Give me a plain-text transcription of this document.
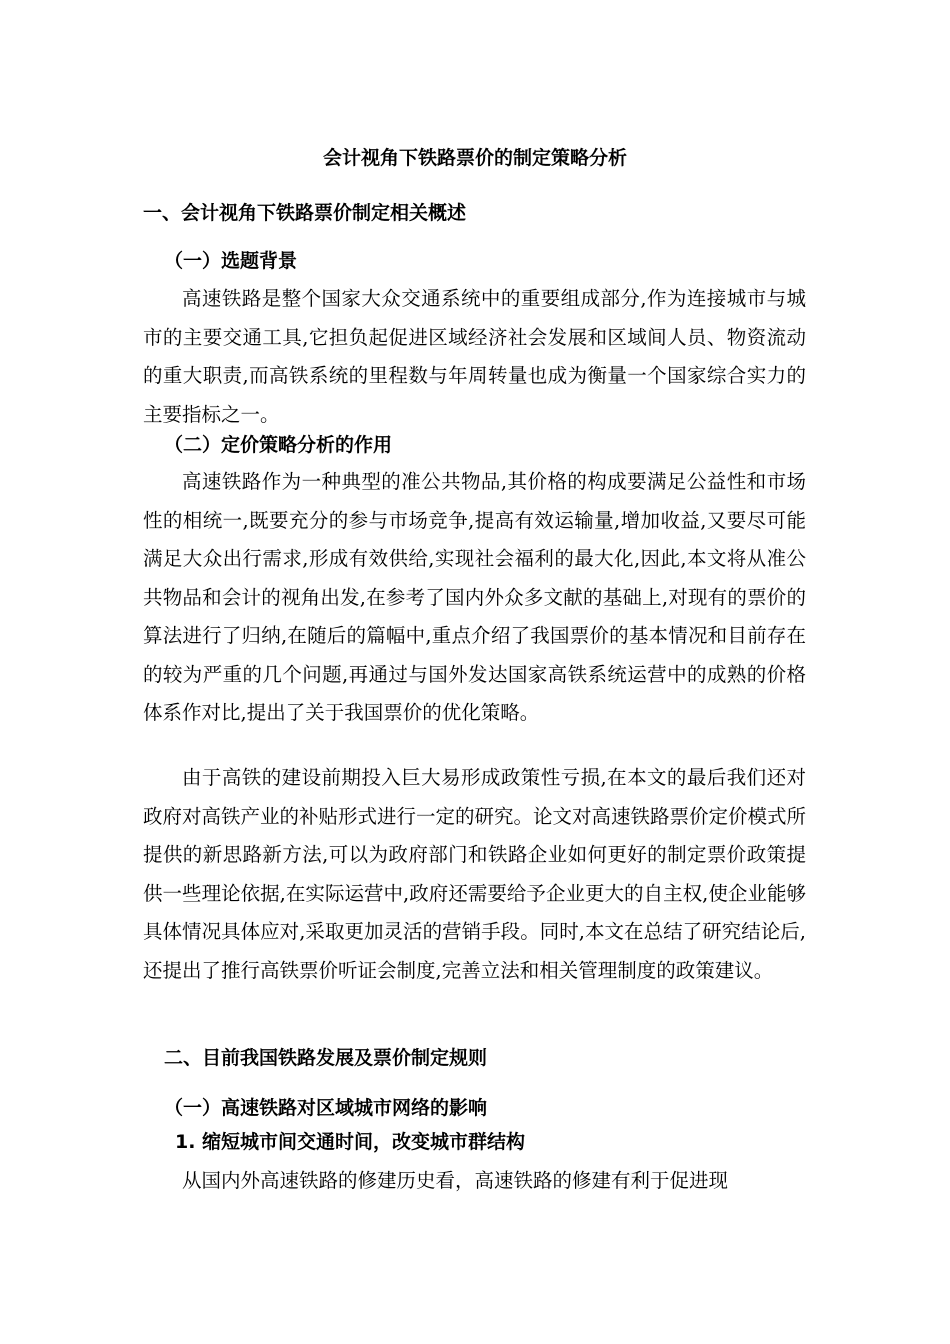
会计视角下铁路票价的制定策略分析
一、会计视角下铁路票价制定相关概述
（一）选题背景

高速铁路是整个国家大众交通系统中的重要组成部分,作为连接城市与城市的主要交通工具,它担负起促进区域经济社会发展和区域间人员、物资流动的重大职责,而高铁系统的里程数与年周转量也成为衡量一个国家综合实力的主要指标之一。

（二）定价策略分析的作用

高速铁路作为一种典型的准公共物品,其价格的构成要满足公益性和市场性的相统一,既要充分的参与市场竞争,提高有效运输量,增加收益,又要尽可能满足大众出行需求,形成有效供给,实现社会福利的最大化,因此,本文将从准公共物品和会计的视角出发,在参考了国内外众多文献的基础上,对现有的票价的算法进行了归纳,在随后的篇幅中,重点介绍了我国票价的基本情况和目前存在的较为严重的几个问题,再通过与国外发达国家高铁系统运营中的成熟的价格体系作对比,提出了关于我国票价的优化策略。

由于高铁的建设前期投入巨大易形成政策性亏损,在本文的最后我们还对政府对高铁产业的补贴形式进行一定的研究。论文对高速铁路票价定价模式所提供的新思路新方法,可以为政府部门和铁路企业如何更好的制定票价政策提供一些理论依据,在实际运营中,政府还需要给予企业更大的自主权,使企业能够具体情况具体应对,采取更加灵活的营销手段。同时,本文在总结了研究结论后,还提出了推行高铁票价听证会制度,完善立法和相关管理制度的政策建议。

二、目前我国铁路发展及票价制定规则
（一）高速铁路对区域城市网络的影响
1. 缩短城市间交通时间，改变城市群结构
从国内外高速铁路的修建历史看，高速铁路的修建有利于促进现
